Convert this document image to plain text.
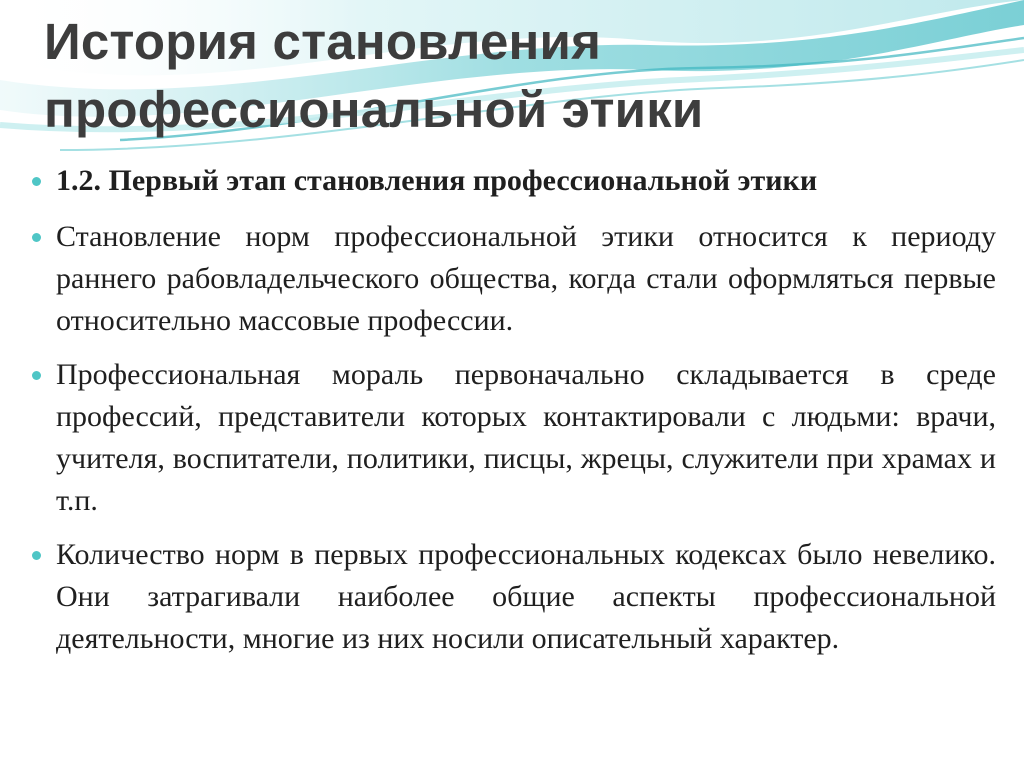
История становления профессиональной этики
1.2. Первый этап становления профессиональной этики
Становление норм профессиональной этики относится к периоду раннего рабовладельческого общества, когда стали оформляться первые относительно массовые профессии.
Профессиональная мораль первоначально складывается в среде профессий, представители которых контактировали с людьми: врачи, учителя, воспитатели, политики, писцы, жрецы, служители при храмах и т.п.
Количество норм в первых профессиональных кодексах было невелико. Они затрагивали наиболее общие аспекты профессиональной деятельности, многие из них носили описательный характер.
